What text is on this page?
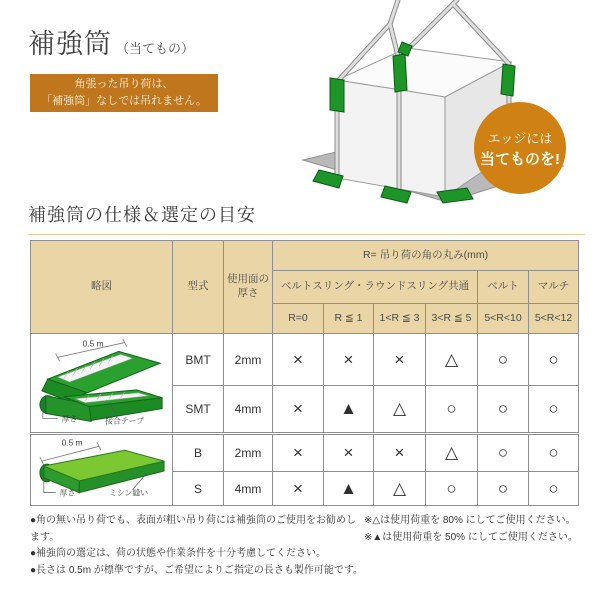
補強筒 （当てもの）
角張った吊り荷は、
「補強筒」なしでは吊れません。
エッジには
当てものを!
補強筒の仕様＆選定の目安
略図	型式	使用面の厚さ	R= 吊り荷の角の丸み(mm)					
			ベルトスリング・ラウンドスリング共通				ベルト	マルチ
			R=0	R ≦ 1	1<R ≦ 3	3<R ≦ 5	5<R<10	5<R<12

0.5 m
厚さ 接合テープ	BMT	2mm	×	×	×	△	○	○
	SMT	4mm	×	▲	△	○	○	○

0.5 m
厚さ ミシン縫い	B	2mm	×	×	×	△	○	○
	S	4mm	×	▲	△	○	○	○
●角の無い吊り荷でも、表面が粗い吊り荷には補強筒のご使用をお勧めします。
●補強筒の選定は、荷の状態や作業条件を十分考慮してください。
●長さは 0.5m が標準ですが、ご希望によりご指定の長さも製作可能です。
※△は使用荷重を 80% にしてご使用ください。
※▲は使用荷重を 50% にしてご使用ください。
